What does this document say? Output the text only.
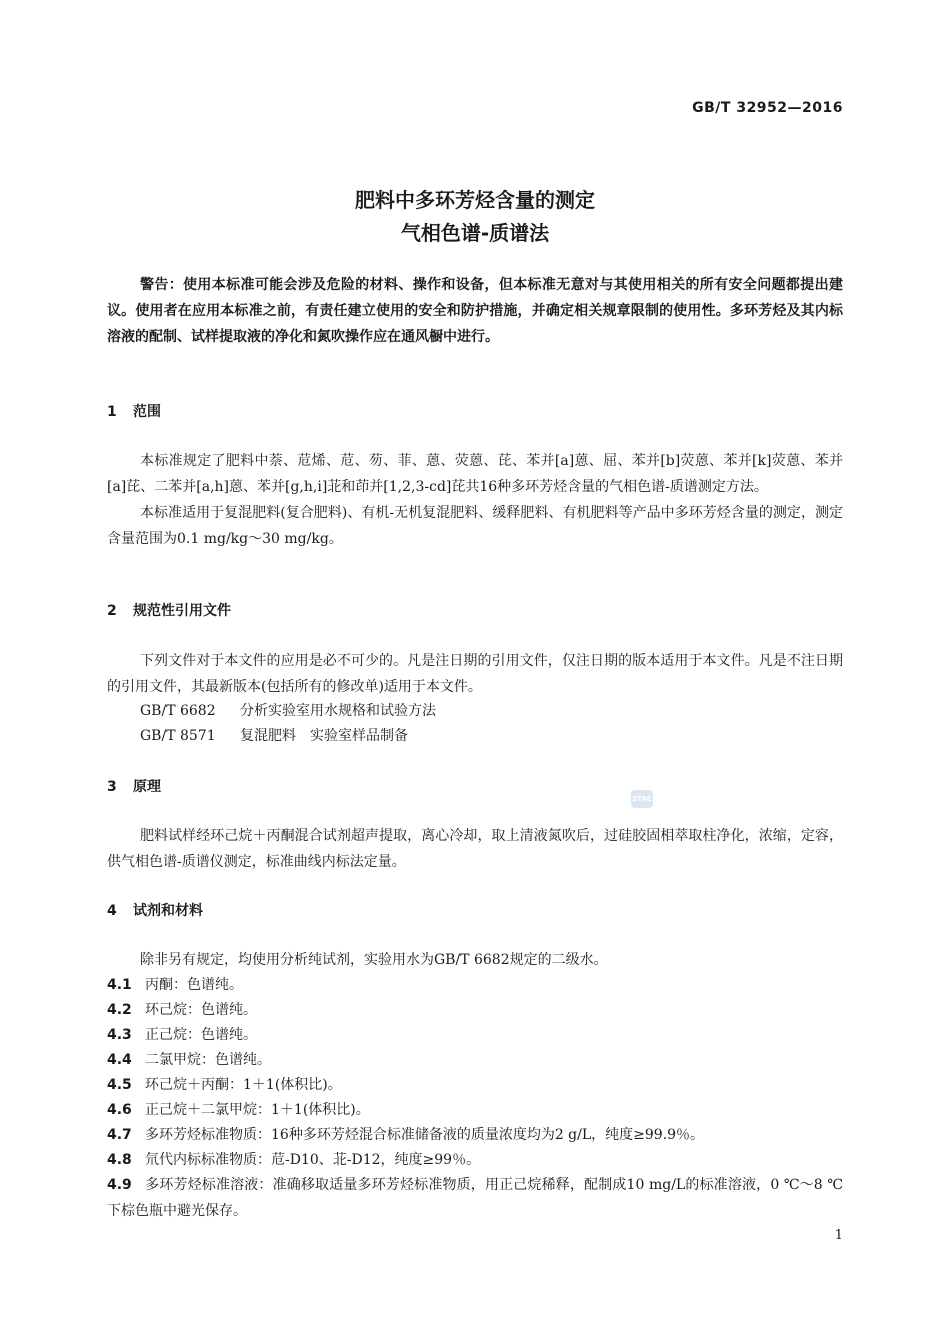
GB/T 32952—2016
肥料中多环芳烃含量的测定
气相色谱-质谱法

警告：使用本标准可能会涉及危险的材料、操作和设备，但本标准无意对与其使用相关的所有安全问题都提出建议。使用者在应用本标准之前，有责任建立使用的安全和防护措施，并确定相关规章限制的使用性。多环芳烃及其内标溶液的配制、试样提取液的净化和氮吹操作应在通风橱中进行。

1 范围

本标准规定了肥料中萘、苊烯、苊、芴、菲、蒽、荧蒽、芘、苯并[a]蒽、屈、苯并[b]荧蒽、苯并[k]荧蒽、苯并[a]芘、二苯并[a,h]蒽、苯并[g,h,i]苝和茚并[1,2,3-cd]芘共16种多环芳烃含量的气相色谱-质谱测定方法。

本标准适用于复混肥料(复合肥料)、有机-无机复混肥料、缓释肥料、有机肥料等产品中多环芳烃含量的测定，测定含量范围为0.1 mg/kg～30 mg/kg。

2 规范性引用文件

下列文件对于本文件的应用是必不可少的。凡是注日期的引用文件，仅注日期的版本适用于本文件。凡是不注日期的引用文件，其最新版本(包括所有的修改单)适用于本文件。

GB/T 6682 分析实验室用水规格和试验方法
GB/T 8571 复混肥料　实验室样品制备
3 原理
STAC

肥料试样经环己烷＋丙酮混合试剂超声提取，离心冷却，取上清液氮吹后，过硅胶固相萃取柱净化，浓缩，定容，供气相色谱-质谱仪测定，标准曲线内标法定量。

4 试剂和材料

除非另有规定，均使用分析纯试剂，实验用水为GB/T 6682规定的二级水。

4.1 丙酮：色谱纯。
4.2 环己烷：色谱纯。
4.3 正己烷：色谱纯。
4.4 二氯甲烷：色谱纯。
4.5 环己烷＋丙酮：1＋1(体积比)。
4.6 正己烷＋二氯甲烷：1＋1(体积比)。
4.7 多环芳烃标准物质：16种多环芳烃混合标准储备液的质量浓度均为2 g/L，纯度≥99.9％。
4.8 氘代内标标准物质：苊-D10、苝-D12，纯度≥99％。
4.9 多环芳烃标准溶液：准确移取适量多环芳烃标准物质，用正己烷稀释，配制成10 mg/L的标准溶液，0 ℃～8 ℃下棕色瓶中避光保存。
1
